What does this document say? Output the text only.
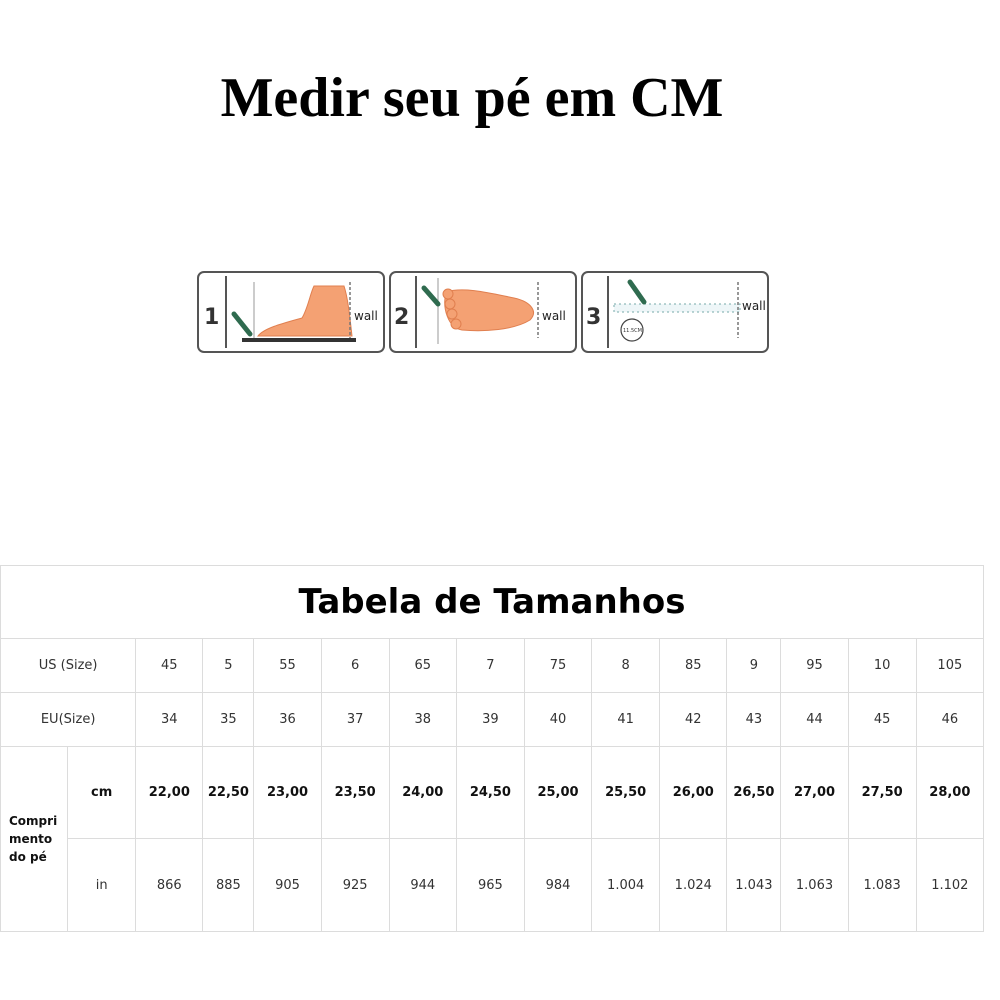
Medir seu pé em CM
1	wall 2	wall 3
11.5CM
wall
Tabela de Tamanhos														
US (Size)		45	5	55	6	65	7	75	8	85	9	95	10	105
EU(Size)		34	35	36	37	38	39	40	41	42	43	44	45	46

Compri
mento
do pé	cm	22,00	22,50	23,00	23,50	24,00	24,50	25,00	25,50	26,00	26,50	27,00	27,50	28,00
	in	866	885	905	925	944	965	984	1.004	1.024	1.043	1.063	1.083	1.102
